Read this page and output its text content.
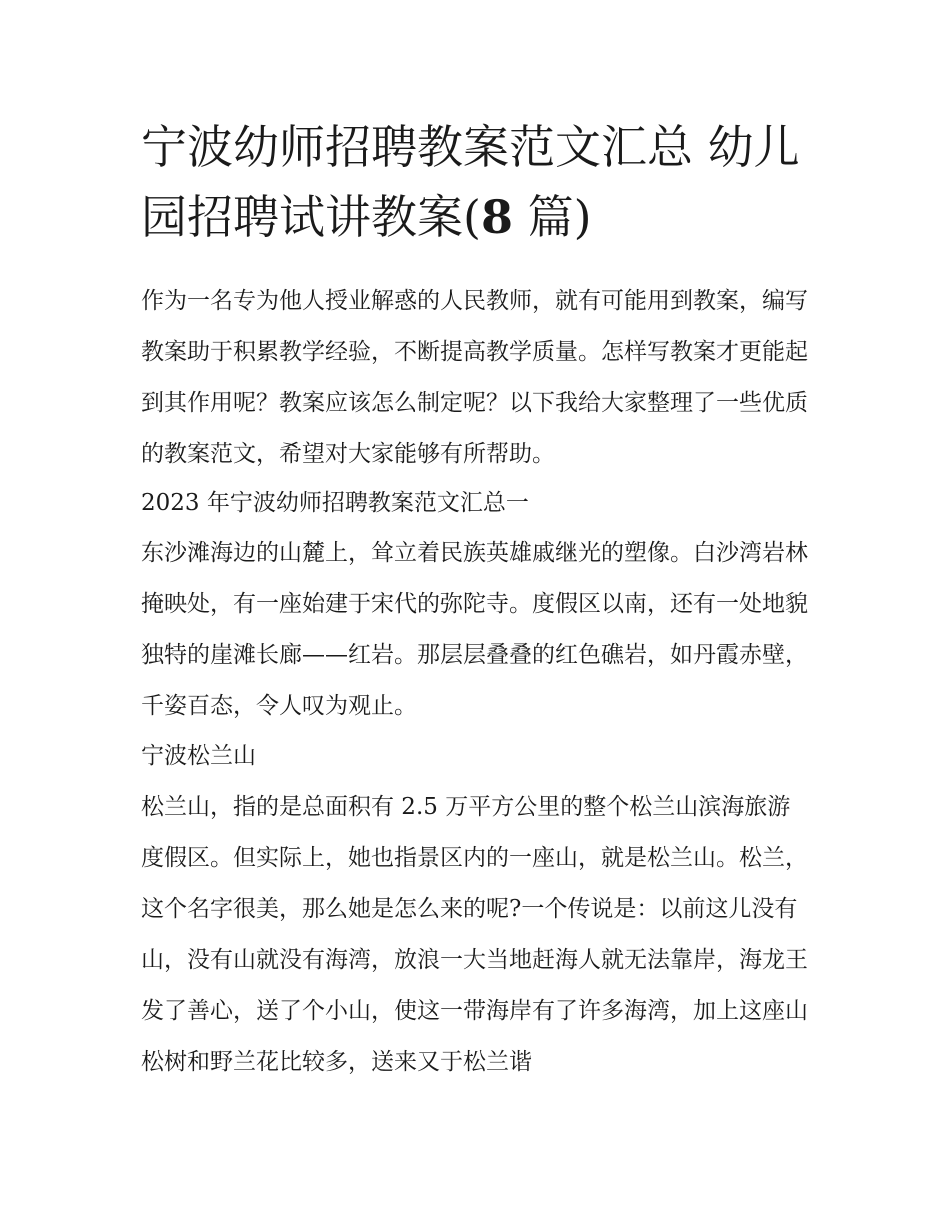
宁波幼师招聘教案范文汇总 幼儿园招聘试讲教案(8 篇)

作为一名专为他人授业解惑的人民教师，就有可能用到教案，编写教案助于积累教学经验，不断提高教学质量。怎样写教案才更能起到其作用呢？教案应该怎么制定呢？以下我给大家整理了一些优质的教案范文，希望对大家能够有所帮助。

2023 年宁波幼师招聘教案范文汇总一

东沙滩海边的山麓上，耸立着民族英雄戚继光的塑像。白沙湾岩林掩映处，有一座始建于宋代的弥陀寺。度假区以南，还有一处地貌独特的崖滩长廊——红岩。那层层叠叠的红色礁岩，如丹霞赤壁，千姿百态，令人叹为观止。

宁波松兰山

松兰山，指的是总面积有 2.5 万平方公里的整个松兰山滨海旅游度假区。但实际上，她也指景区内的一座山，就是松兰山。松兰，这个名字很美，那么她是怎么来的呢?一个传说是：以前这儿没有山，没有山就没有海湾，放浪一大当地赶海人就无法靠岸，海龙王发了善心，送了个小山，使这一带海岸有了许多海湾，加上这座山松树和野兰花比较多，送来又于松兰谐
